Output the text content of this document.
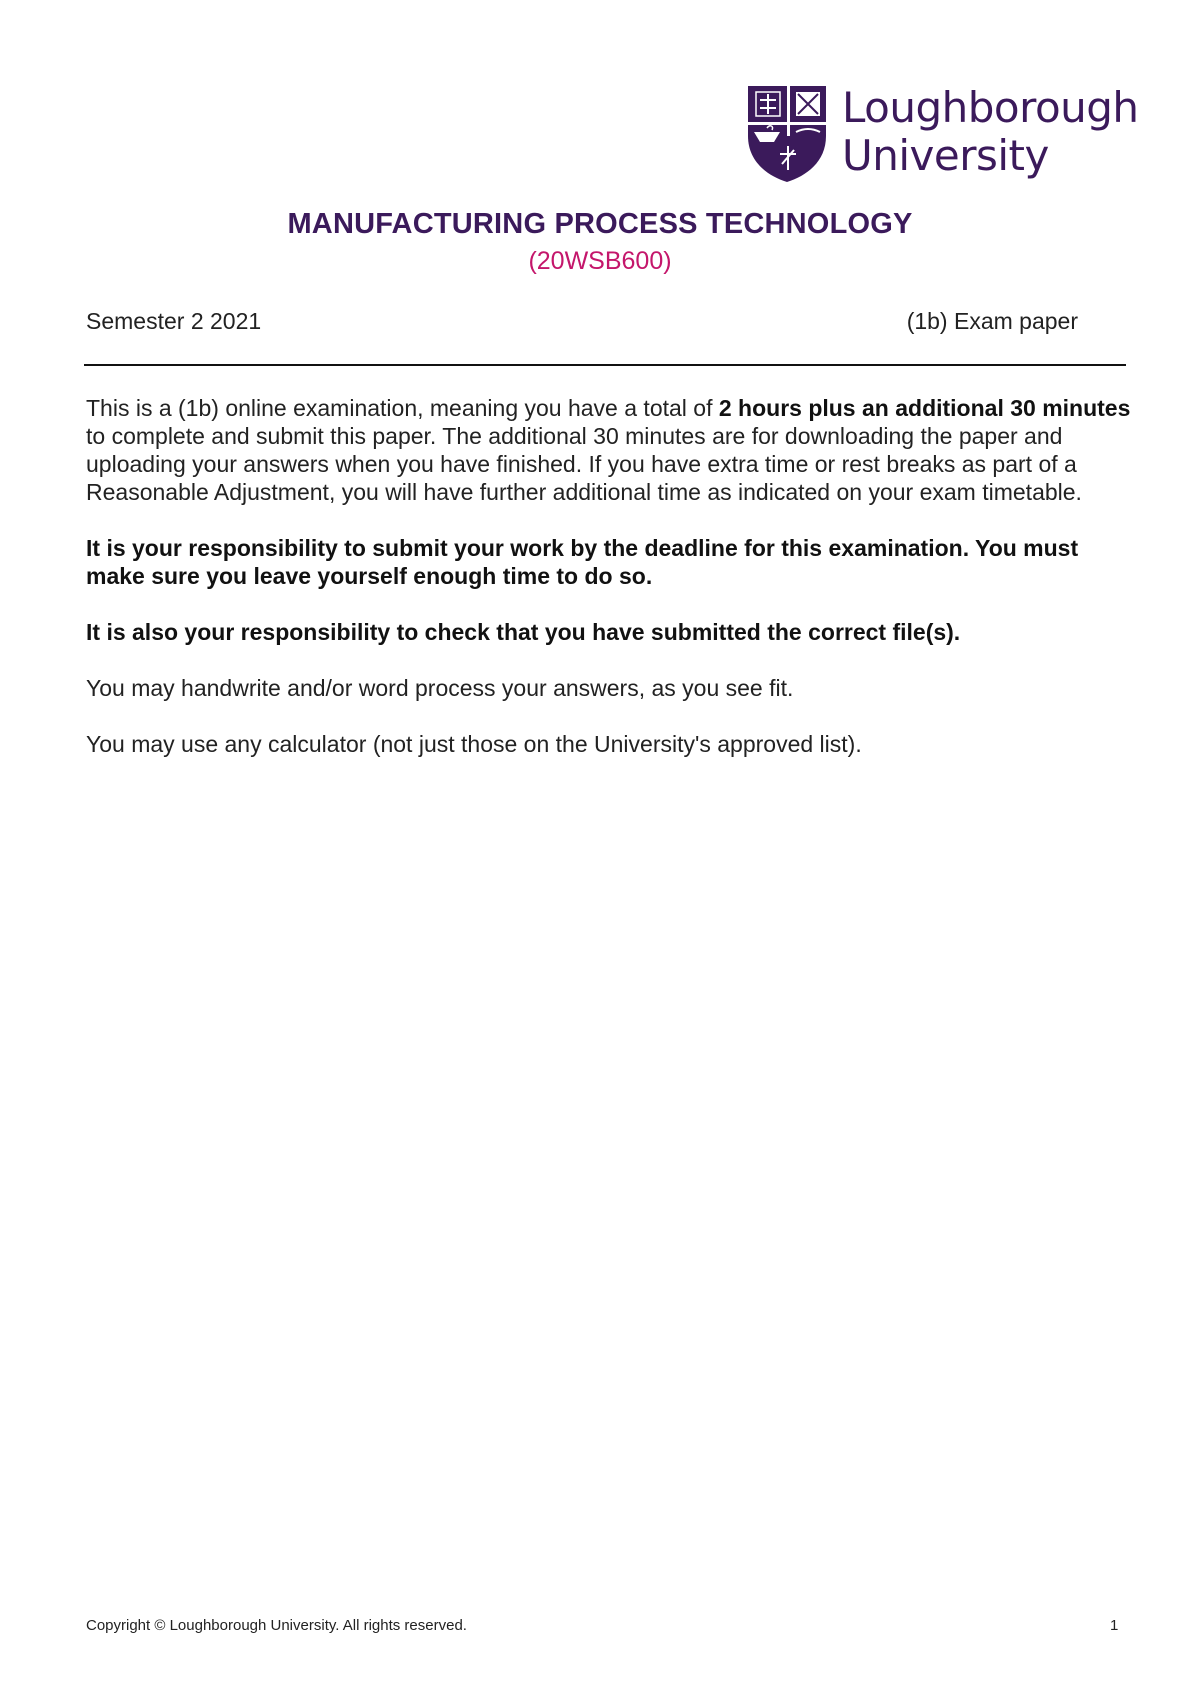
Loughborough
University
MANUFACTURING PROCESS TECHNOLOGY
(20WSB600)
Semester 2 2021	(1b) Exam paper

This is a (1b) online examination, meaning you have a total of 2 hours plus an additional 30 minutes to complete and submit this paper. The additional 30 minutes are for downloading the paper and uploading your answers when you have finished. If you have extra time or rest breaks as part of a Reasonable Adjustment, you will have further additional time as indicated on your exam timetable.

It is your responsibility to submit your work by the deadline for this examination. You must make sure you leave yourself enough time to do so.

It is also your responsibility to check that you have submitted the correct file(s).

You may handwrite and/or word process your answers, as you see fit.

You may use any calculator (not just those on the University's approved list).

Copyright © Loughborough University. All rights reserved.	1
